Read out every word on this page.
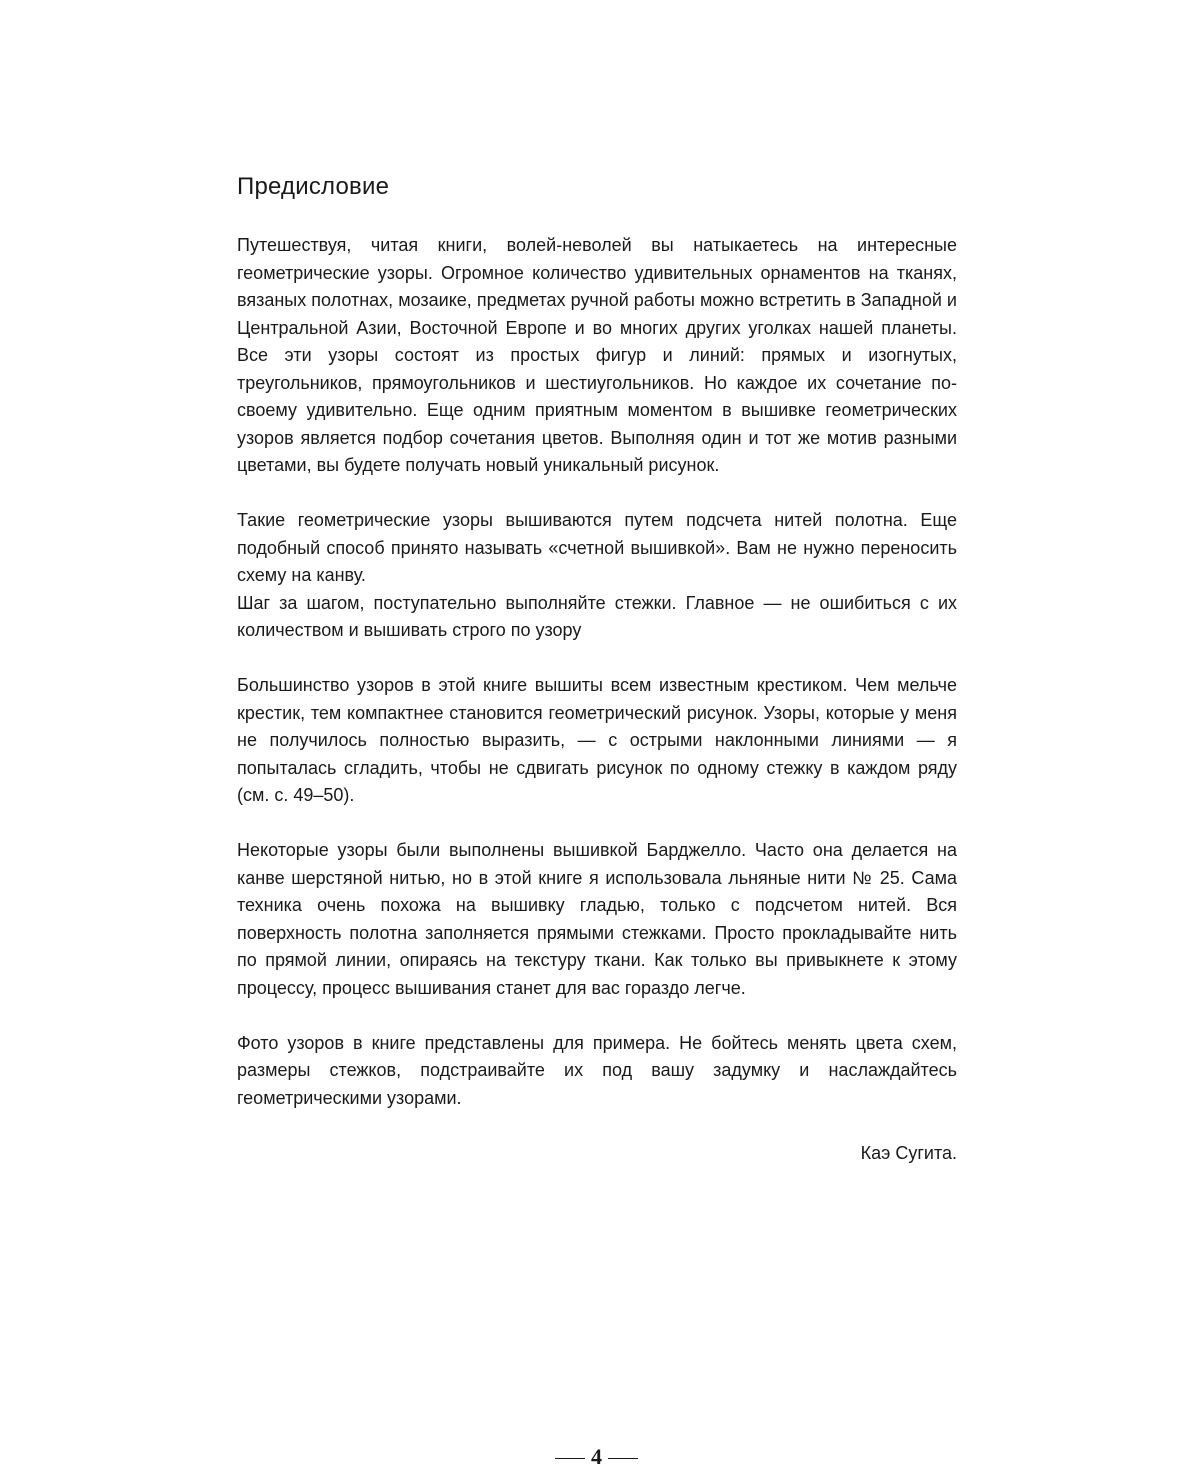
Предисловие
Путешествуя, читая книги, волей-неволей вы натыкаетесь на интересные геометрические узоры. Огромное количество удивительных орнаментов на тканях, вязаных полотнах, мозаике, предметах ручной работы можно встретить в Западной и Центральной Азии, Восточной Европе и во многих других уголках нашей планеты. Все эти узоры состоят из простых фигур и линий: прямых и изогнутых, треугольников, прямоугольников и шестиугольников. Но каждое их сочетание по-своему удивительно. Еще одним приятным моментом в вышивке геометрических узоров является подбор сочетания цветов. Выполняя один и тот же мотив разными цветами, вы будете получать новый уникальный рисунок.
Такие геометрические узоры вышиваются путем подсчета нитей полотна. Еще подобный способ принято называть «счетной вышивкой». Вам не нужно переносить схему на канву.
Шаг за шагом, поступательно выполняйте стежки. Главное — не ошибиться с их количеством и вышивать строго по узору
Большинство узоров в этой книге вышиты всем известным крестиком. Чем мельче крестик, тем компактнее становится геометрический рисунок. Узоры, которые у меня не получилось полностью выразить, — с острыми наклонными линиями — я попыталась сгладить, чтобы не сдвигать рисунок по одному стежку в каждом ряду (см. с. 49–50).
Некоторые узоры были выполнены вышивкой Барджелло. Часто она делается на канве шерстяной нитью, но в этой книге я использовала льняные нити № 25. Сама техника очень похожа на вышивку гладью, только с подсчетом нитей. Вся поверхность полотна заполняется прямыми стежками. Просто прокладывайте нить по прямой линии, опираясь на текстуру ткани. Как только вы привыкнете к этому процессу, процесс вышивания станет для вас гораздо легче.
Фото узоров в книге представлены для примера. Не бойтесь менять цвета схем, размеры стежков, подстраивайте их под вашу задумку и наслаждайтесь геометрическими узорами.
Каэ Сугита.
4
